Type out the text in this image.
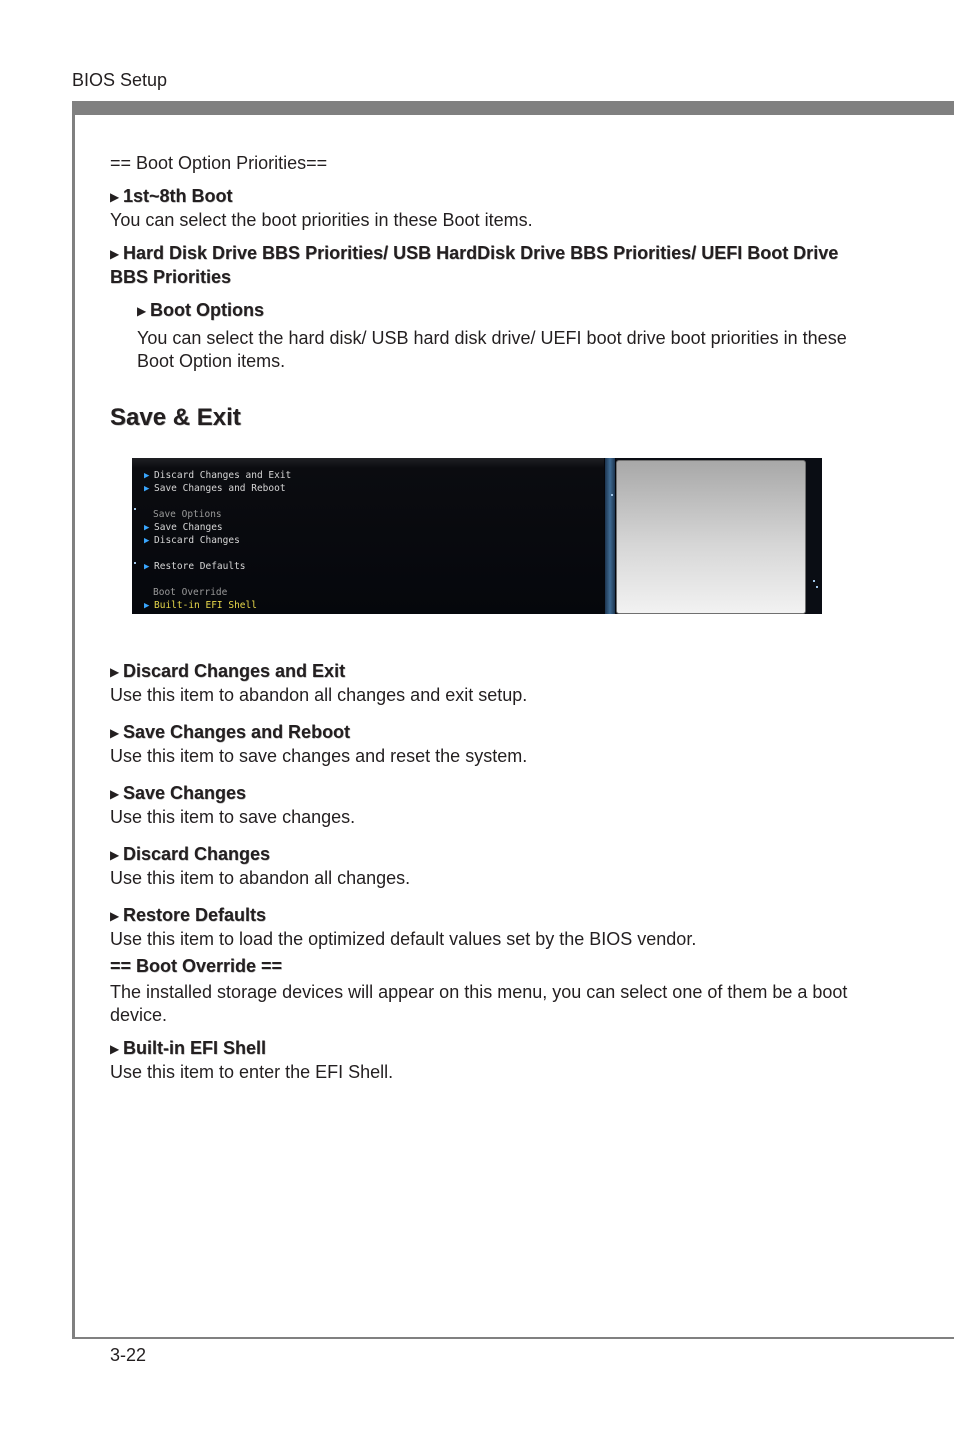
BIOS Setup
3-22

== Boot Option Priorities==

▶ 1st~8th Boot

You can select the boot priorities in these Boot items.

▶ Hard Disk Drive BBS Priorities/ USB HardDisk Drive BBS Priorities/ UEFI Boot Drive BBS Priorities

▶ Boot Options

You can select the hard disk/ USB hard disk drive/ UEFI boot drive boot priorities in these Boot Option items.

Save & Exit

▶ Discard Changes and Exit

Use this item to abandon all changes and exit setup.

▶ Save Changes and Reboot

Use this item to save changes and reset the system.

▶ Save Changes

Use this item to save changes.

▶ Discard Changes

Use this item to abandon all changes.

▶ Restore Defaults

Use this item to load the optimized default values set by the BIOS vendor.

== Boot Override ==

The installed storage devices will appear on this menu, you can select one of them be a boot device.

▶ Built-in EFI Shell

Use this item to enter the EFI Shell.

▶ Discard Changes and Exit
▶ Save Changes and Reboot
Save Options
▶ Save Changes
▶ Discard Changes
▶ Restore Defaults
Boot Override
▶ Built-in EFI Shell
